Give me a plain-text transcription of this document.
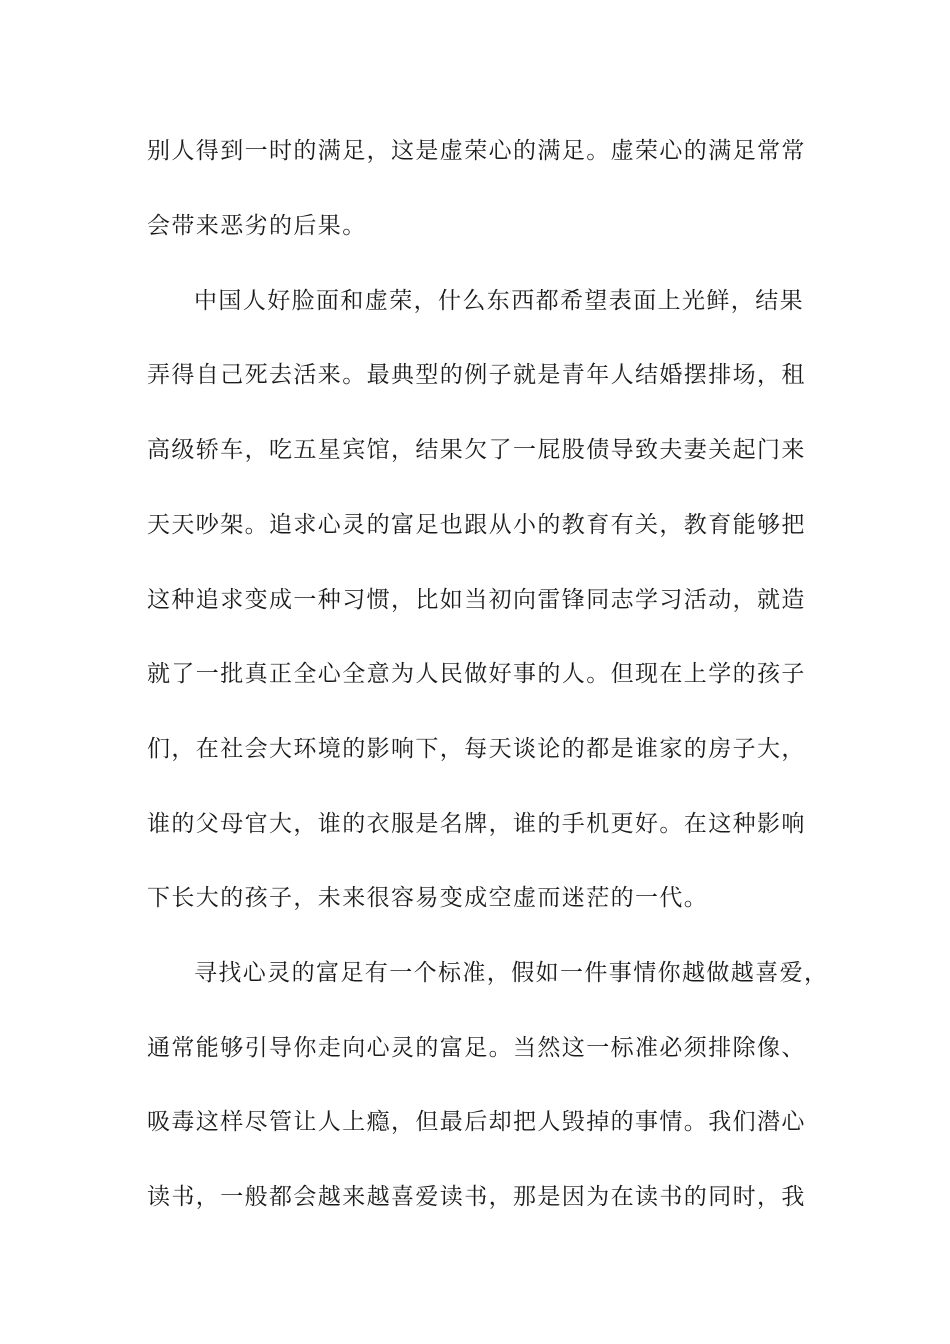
别人得到一时的满足，这是虚荣心的满足。虚荣心的满足常常
会带来恶劣的后果。
中国人好脸面和虚荣，什么东西都希望表面上光鲜，结果
弄得自己死去活来。最典型的例子就是青年人结婚摆排场，租
高级轿车，吃五星宾馆，结果欠了一屁股债导致夫妻关起门来
天天吵架。追求心灵的富足也跟从小的教育有关，教育能够把
这种追求变成一种习惯，比如当初向雷锋同志学习活动，就造
就了一批真正全心全意为人民做好事的人。但现在上学的孩子
们，在社会大环境的影响下，每天谈论的都是谁家的房子大，
谁的父母官大，谁的衣服是名牌，谁的手机更好。在这种影响
下长大的孩子，未来很容易变成空虚而迷茫的一代。
寻找心灵的富足有一个标准，假如一件事情你越做越喜爱，
通常能够引导你走向心灵的富足。当然这一标准必须排除像、
吸毒这样尽管让人上瘾，但最后却把人毁掉的事情。我们潜心
读书，一般都会越来越喜爱读书，那是因为在读书的同时，我
